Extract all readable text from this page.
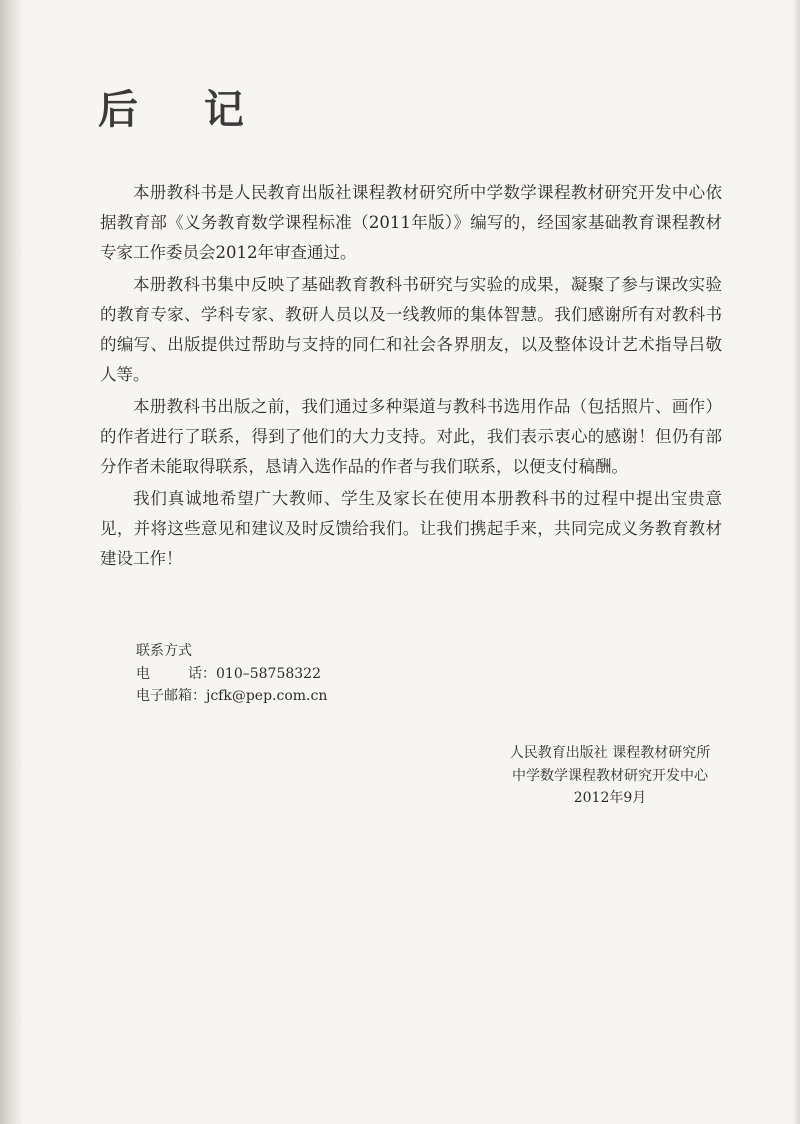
后 记

本册教科书是人民教育出版社课程教材研究所中学数学课程教材研究开发中心依据教育部《义务教育数学课程标准（2011年版）》编写的，经国家基础教育课程教材专家工作委员会2012年审查通过。

本册教科书集中反映了基础教育教科书研究与实验的成果，凝聚了参与课改实验的教育专家、学科专家、教研人员以及一线教师的集体智慧。我们感谢所有对教科书的编写、出版提供过帮助与支持的同仁和社会各界朋友，以及整体设计艺术指导吕敬人等。

本册教科书出版之前，我们通过多种渠道与教科书选用作品（包括照片、画作）的作者进行了联系，得到了他们的大力支持。对此，我们表示衷心的感谢！但仍有部分作者未能取得联系，恳请入选作品的作者与我们联系，以便支付稿酬。

我们真诚地希望广大教师、学生及家长在使用本册教科书的过程中提出宝贵意见，并将这些意见和建议及时反馈给我们。让我们携起手来，共同完成义务教育教材建设工作！

联系方式
电	话： 010–58758322
电子邮箱： jcfk@pep.com.cn
人民教育出版社 课程教材研究所
中学数学课程教材研究开发中心
2012年9月
